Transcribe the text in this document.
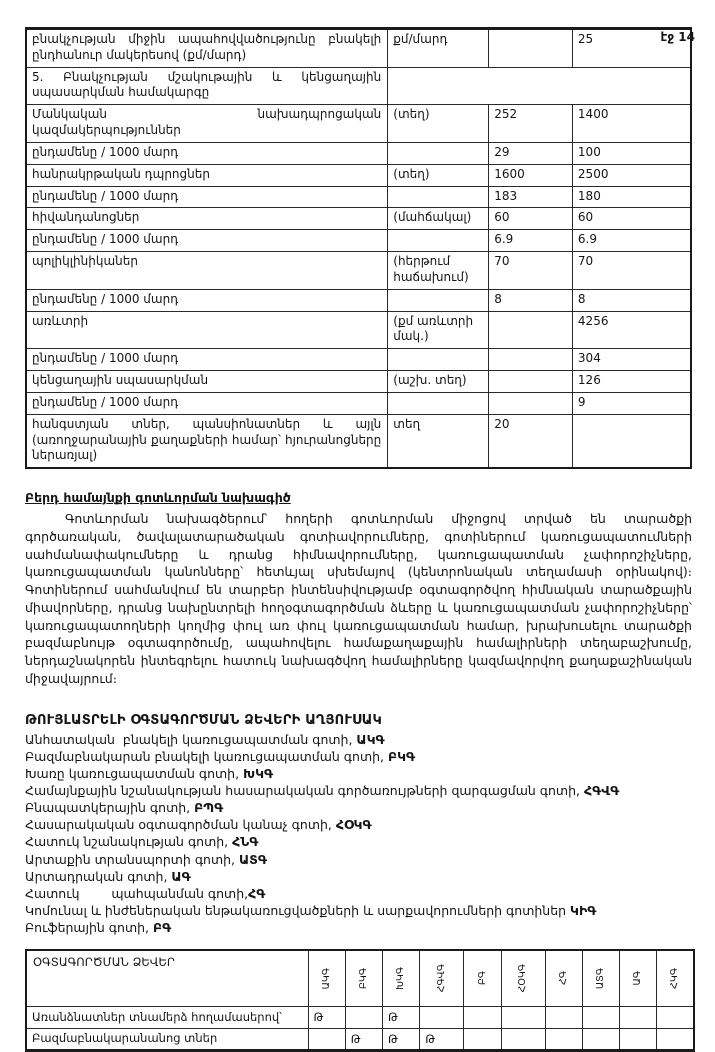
էջ 14
բնակչության միջին ապահովվածությունը բնակելի ընդհանուր մակերեսով (քմ/մարդ)	քմ/մարդ		25
5. Բնակչության մշակութային և կենցաղային սպասարկման համակարգը			
Մանկական նախադպրոցական կազմակերպություններ	(տեղ)	252	1400
ընդամենը / 1000 մարդ		29	100
հանրակրթական դպրոցներ	(տեղ)	1600	2500
ընդամենը / 1000 մարդ		183	180
հիվանդանոցներ	(մահճակալ)	60	60
ընդամենը / 1000 մարդ		6.9	6.9
պոլիկլինիկաներ	(հերթում հաճախում)	70	70
ընդամենը / 1000 մարդ		8	8
առևտրի	(քմ առևտրի մակ.)		4256
ընդամենը / 1000 մարդ			304
կենցաղային սպասարկման	(աշխ. տեղ)		126
ընդամենը / 1000 մարդ			9
հանգստյան տներ, պանսիոնատներ և այլն (առողջարանային քաղաքների համար՝ հյուրանոցները ներառյալ)	տեղ	20	
Բերդ համայնքի գոտևորման նախագիծ
Գոտևորման նախագծերում՝ հողերի գոտևորման միջոցով տրված են տարածքի գործառական, ծավալատարածական գոտիավորումները, գոտիներում կառուցապատումների սահմանափակումները և դրանց հիմնավորումները, կառուցապատման չափորոշիչները, կառուցապատման կանոնները՝ հետևյալ սխեմայով (կենտրոնական տեղամասի օրինակով)։ Գոտիներում սահմանվում են տարբեր ինտենսիվությամբ օգտագործվող հիմնական տարածքային միավորները, դրանց նախընտրելի հողօգտագործման ձևերը և կառուցապատման չափորոշիչները՝ կառուցապատողների կողմից փուլ առ փուլ կառուցապատման համար, խրախուսելու տարածքի բազմաբնույթ օգտագործումը, ապահովելու համաքաղաքային համալիրների տեղաբաշխումը, ներդաշնակորեն ինտեգրելու հատուկ նախագծվող համալիրները կազմավորվող քաղաքաշինական միջավայրում։
ԹՈՒՅԼԱՏՐԵԼԻ ՕԳՏԱԳՈՐԾՄԱՆ ՁԵՎԵՐԻ ԱՂՅՈՒՍԱԿ
Անհատական  բնակելի կառուցապատման գոտի, ԱԿԳ
Բազմաբնակարան բնակելի կառուցապատման գոտի, ԲԿԳ
Խառը կառուցապատման գոտի, ԽԿԳ
Համայնքային նշանակության հասարակական գործառույթների զարգացման գոտի, ՀԳՎԳ
Բնապատկերային գոտի, ԲՊԳ
Հասարակական օգտագործման կանաչ գոտի, ՀՕԿԳ
Հատուկ նշանակության գոտի, ՀՆԳ
Արտաքին տրանսպորտի գոտի, ԱՏԳ
Արտադրական գոտի, ԱԳ
Հատուկ        պահպանման գոտի,ՀԳ
Կոմունալ և ինժեներական ենթակառուցվածքների և սարքավորումների գոտիներ ԿԻԳ
Բուֆերային գոտի, ԲԳ
ՕԳՏԱԳՈՐԾՄԱՆ ՁԵՎԵՐ	ԱԿԳ	ԲԿԳ	ԽԿԳ	ՀԳՎԳ	ԲԳ	ՀՕԿԳ	ՀԳ	ԱՏԳ	ԱԳ	ՀԿԳ

Առանձնատներ տնամերձ հողամասերով՝	Թ		Թ							
Բազմաբնակարանանոց տներ		Թ	Թ	Թ						
